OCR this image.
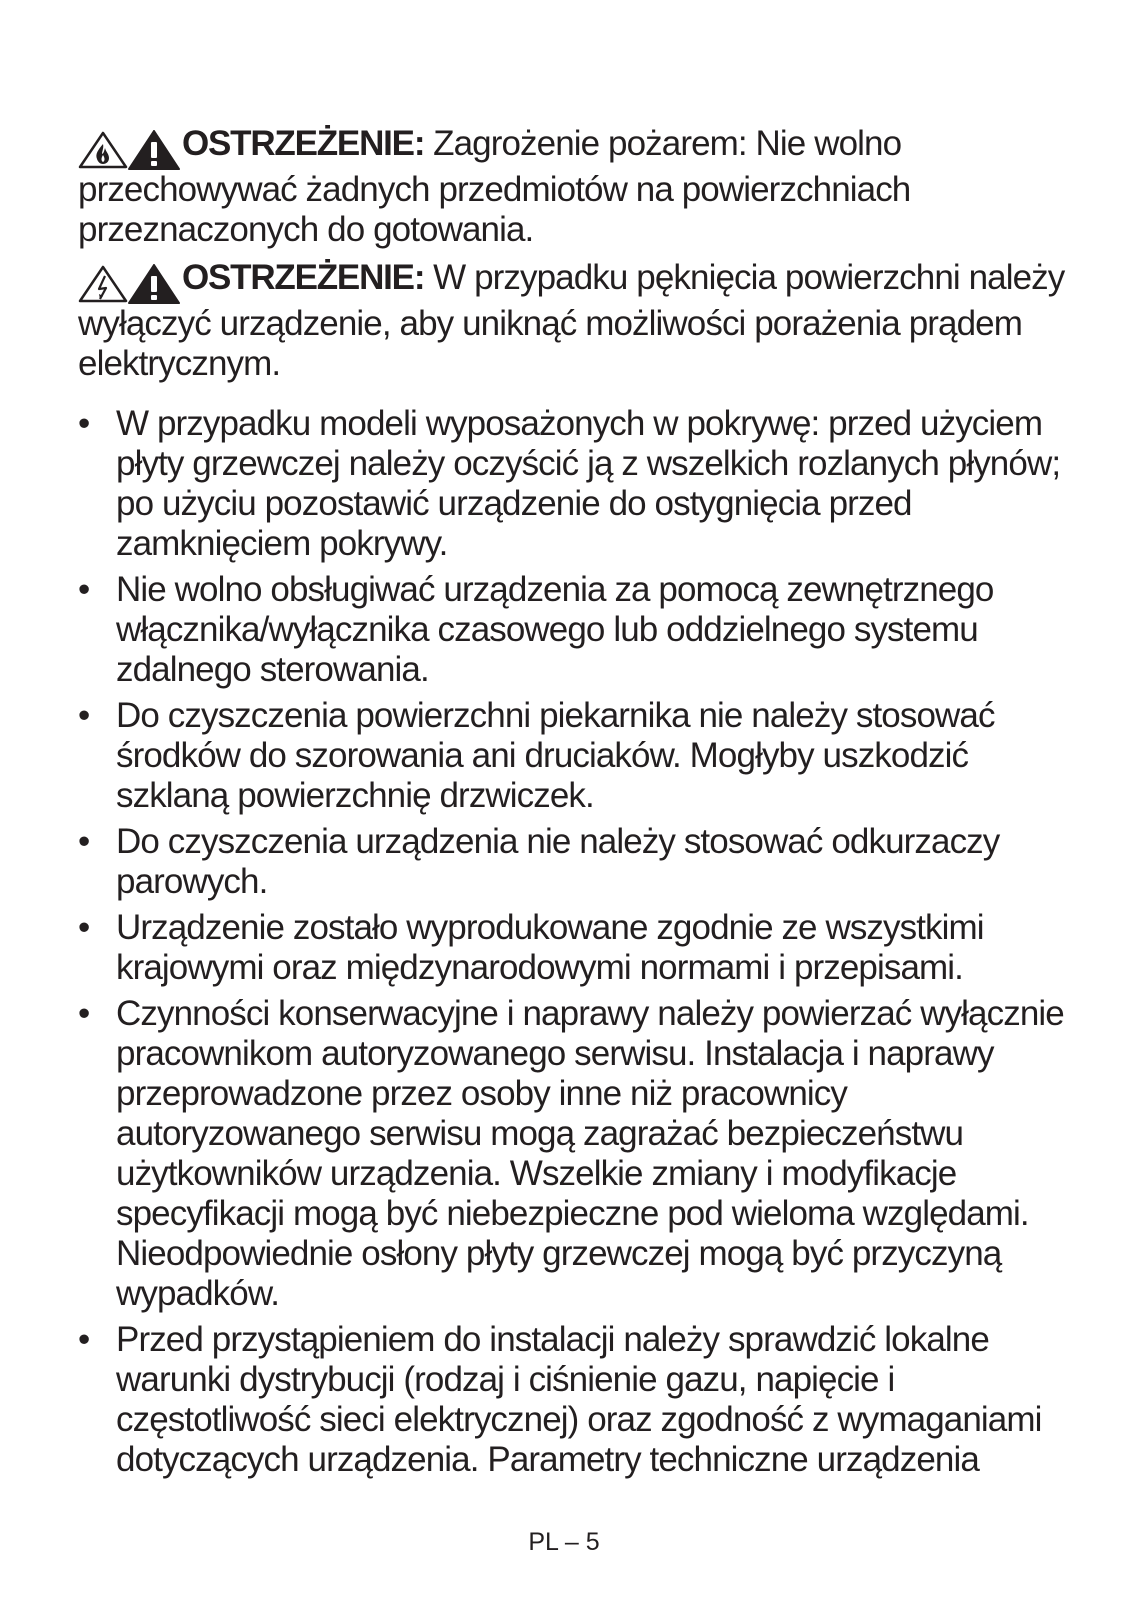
OSTRZEŻENIE: Zagrożenie pożarem: Nie wolno przechowywać żadnych przedmiotów na powierzchniach przeznaczonych do gotowania.

OSTRZEŻENIE: W przypadku pęknięcia powierzchni należy wyłączyć urządzenie, aby uniknąć możliwości porażenia prądem elektrycznym.

• W przypadku modeli wyposażonych w pokrywę: przed użyciem płyty grzewczej należy oczyścić ją z wszelkich rozlanych płynów; po użyciu pozostawić urządzenie do ostygnięcia przed zamknięciem pokrywy.
• Nie wolno obsługiwać urządzenia za pomocą zewnętrznego włącznika/wyłącznika czasowego lub oddzielnego systemu zdalnego sterowania.
• Do czyszczenia powierzchni piekarnika nie należy stosować środków do szorowania ani druciaków. Mogłyby uszkodzić szklaną powierzchnię drzwiczek.
• Do czyszczenia urządzenia nie należy stosować odkurzaczy parowych.
• Urządzenie zostało wyprodukowane zgodnie ze wszystkimi krajowymi oraz międzynarodowymi normami i przepisami.
• Czynności konserwacyjne i naprawy należy powierzać wyłącznie pracownikom autoryzowanego serwisu. Instalacja i naprawy przeprowadzone przez osoby inne niż pracownicy autoryzowanego serwisu mogą zagrażać bezpieczeństwu użytkowników urządzenia. Wszelkie zmiany i modyfikacje specyfikacji mogą być niebezpieczne pod wieloma względami. Nieodpowiednie osłony płyty grzewczej mogą być przyczyną wypadków.
• Przed przystąpieniem do instalacji należy sprawdzić lokalne warunki dystrybucji (rodzaj i ciśnienie gazu, napięcie i częstotliwość sieci elektrycznej) oraz zgodność z wymaganiami dotyczących urządzenia. Parametry techniczne urządzenia
PL – 5
